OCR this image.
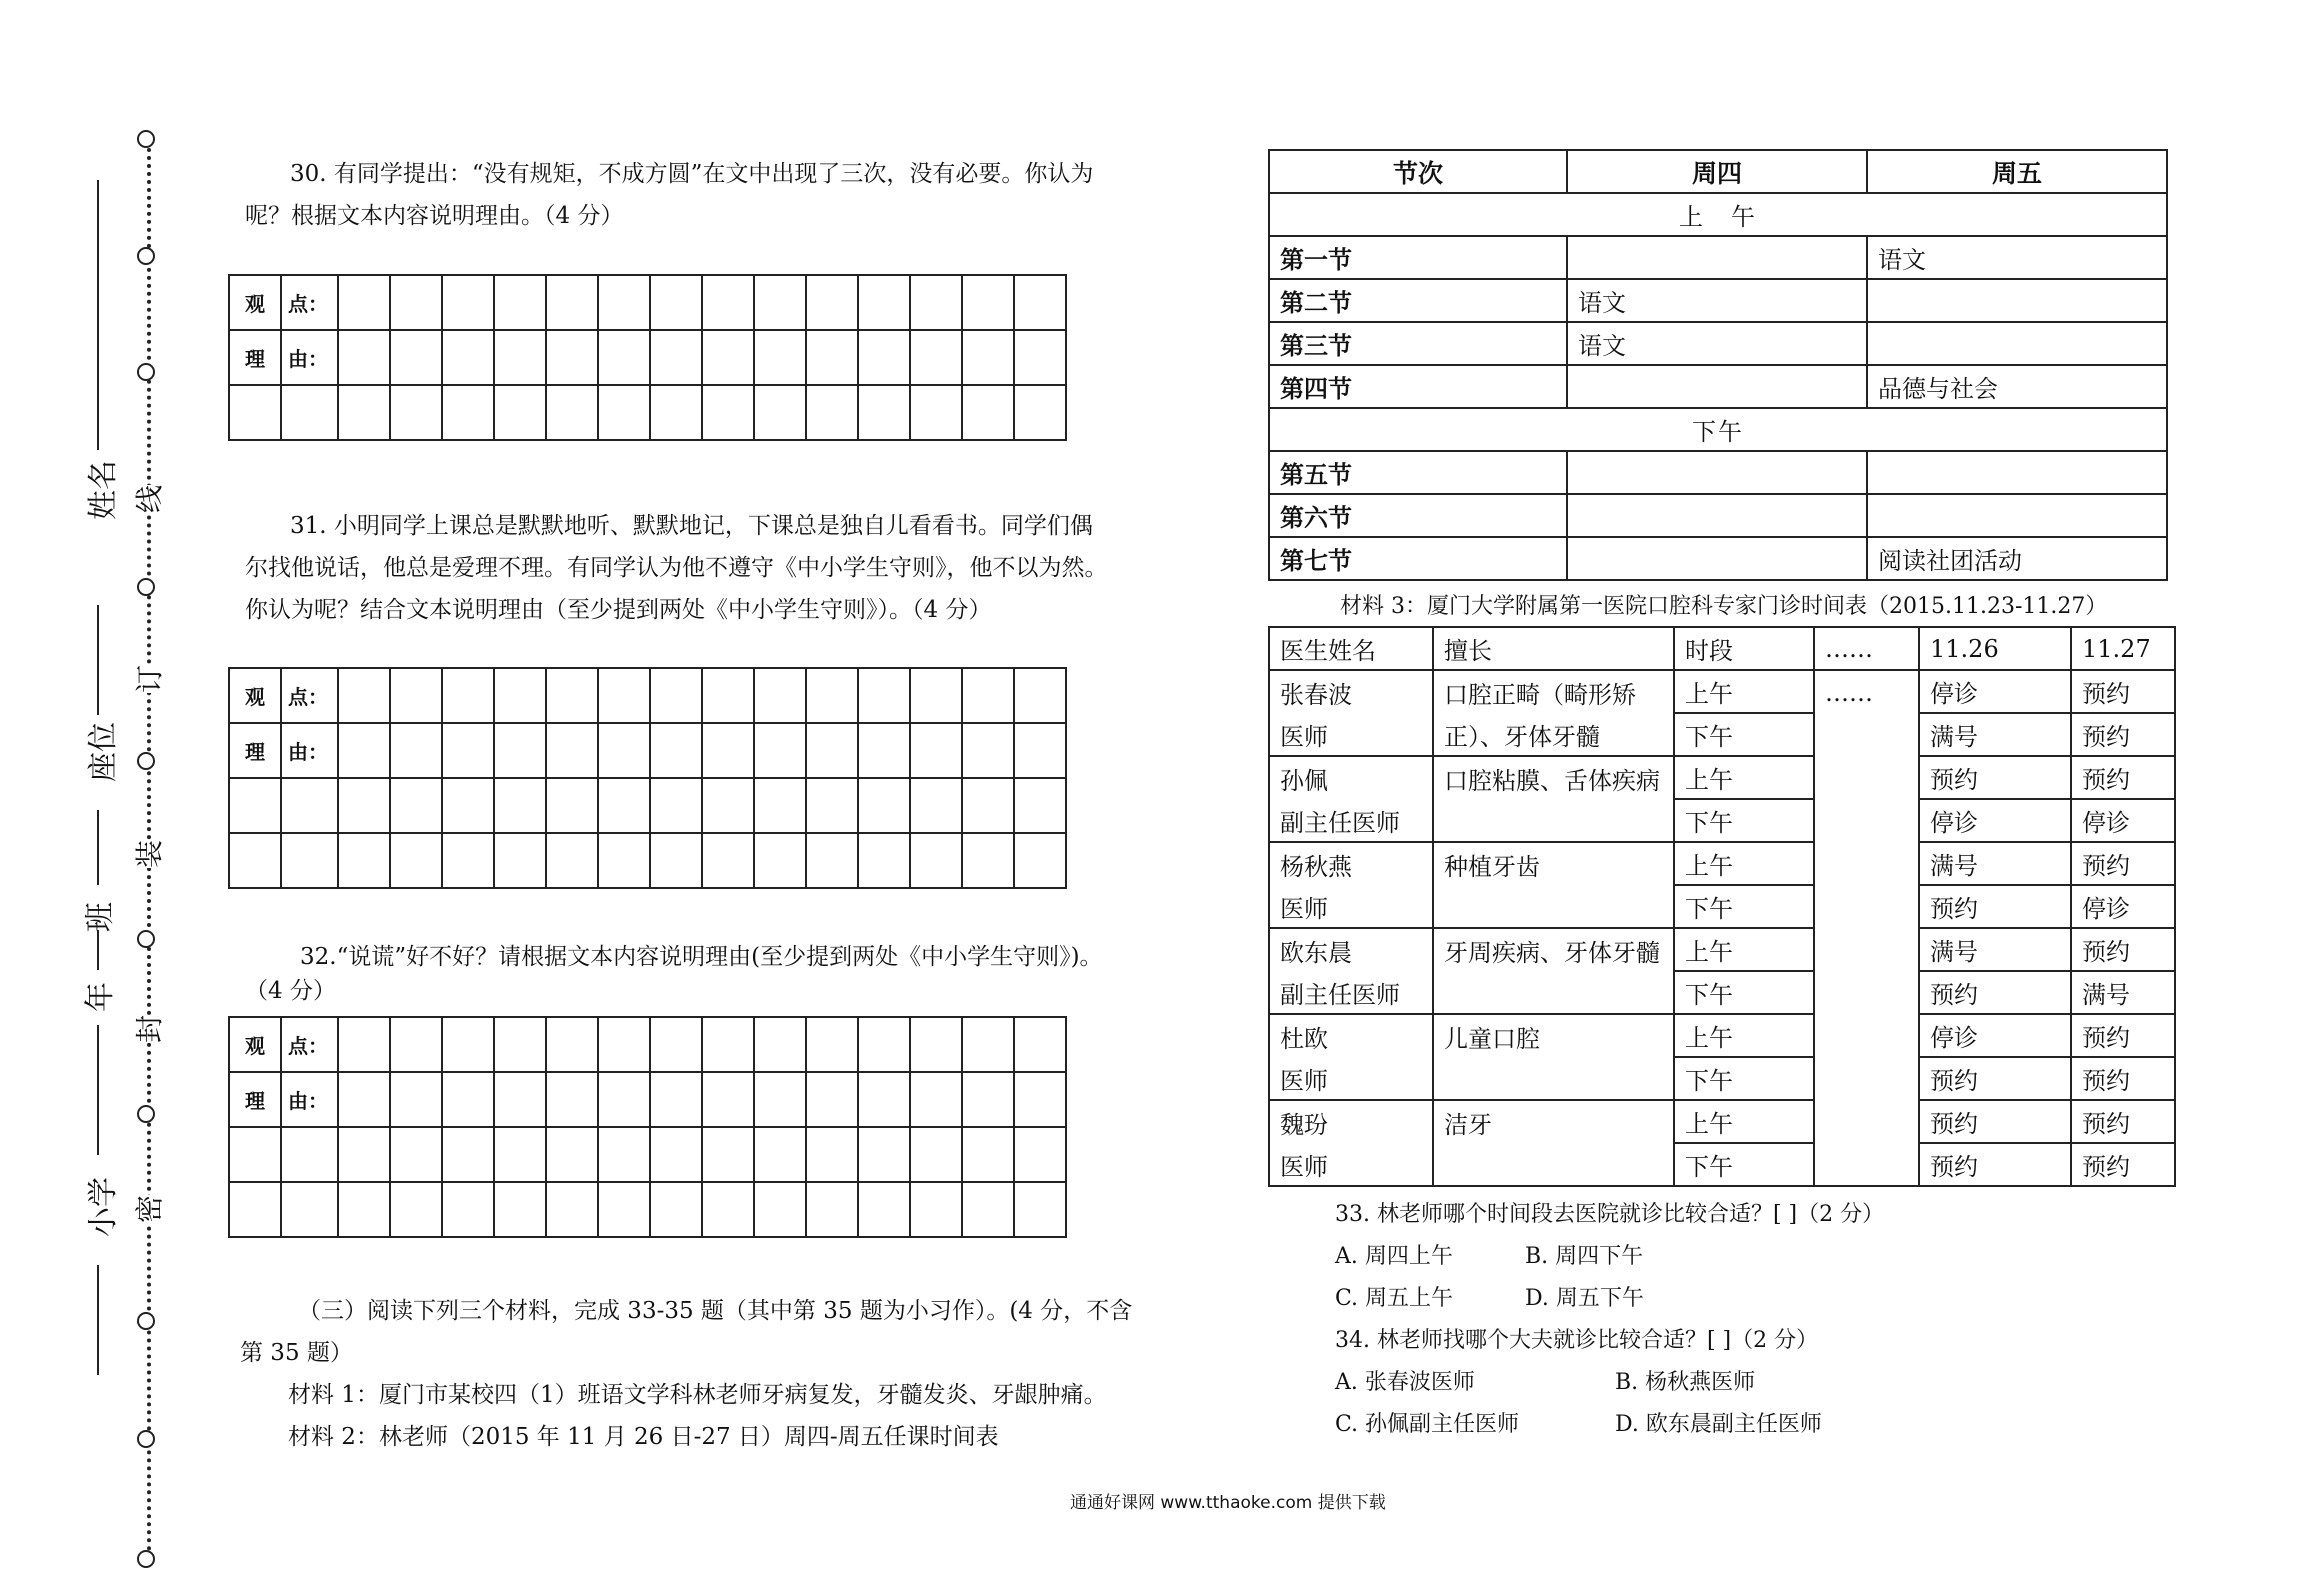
线
订
装
封
密
姓名
座位
班
年
小学
30. 有同学提出：“没有规矩，不成方圆”在文中出现了三次，没有必要。你认为
呢？根据文本内容说明理由。（4 分）
观	点：														
理	由：														

31. 小明同学上课总是默默地听、默默地记，下课总是独自儿看看书。同学们偶
尔找他说话，他总是爱理不理。有同学认为他不遵守《中小学生守则》，他不以为然。
你认为呢？结合文本说明理由（至少提到两处《中小学生守则》）。（4 分）
观	点：														
理	由：														

32.“说谎”好不好？请根据文本内容说明理由(至少提到两处《中小学生守则》)。
（4 分）
观	点：														
理	由：														

（三）阅读下列三个材料，完成 33-35 题（其中第 35 题为小习作）。(4 分，不含
第 35 题）
材料 1：厦门市某校四（1）班语文学科林老师牙病复发，牙髓发炎、牙龈肿痛。
材料 2：林老师（2015 年 11 月 26 日-27 日）周四-周五任课时间表
节次	周四	周五
上　午		
第一节		语文
第二节	语文	
第三节	语文	
第四节		品德与社会
下午		
第五节		
第六节		
第七节		阅读社团活动
材料 3：厦门大学附属第一医院口腔科专家门诊时间表（2015.11.23-11.27）
医生姓名	擅长	时段	……	11.26	11.27
张春波	口腔正畸（畸形矫	上午	……	停诊	预约
医师	正）、牙体牙髓	下午		满号	预约
孙佩	口腔粘膜、舌体疾病	上午		预约	预约
副主任医师		下午		停诊	停诊
杨秋燕	种植牙齿	上午		满号	预约
医师		下午		预约	停诊
欧东晨	牙周疾病、牙体牙髓	上午		满号	预约
副主任医师		下午		预约	满号
杜欧	儿童口腔	上午		停诊	预约
医师		下午		预约	预约
魏玢	洁牙	上午		预约	预约
医师		下午		预约	预约
33. 林老师哪个时间段去医院就诊比较合适？[ ]（2 分）
A. 周四上午	B. 周四下午
C. 周五上午	D. 周五下午
34. 林老师找哪个大夫就诊比较合适？[ ]（2 分）
A. 张春波医师	B. 杨秋燕医师
C. 孙佩副主任医师	D. 欧东晨副主任医师
通通好课网 www.tthaoke.com 提供下载
